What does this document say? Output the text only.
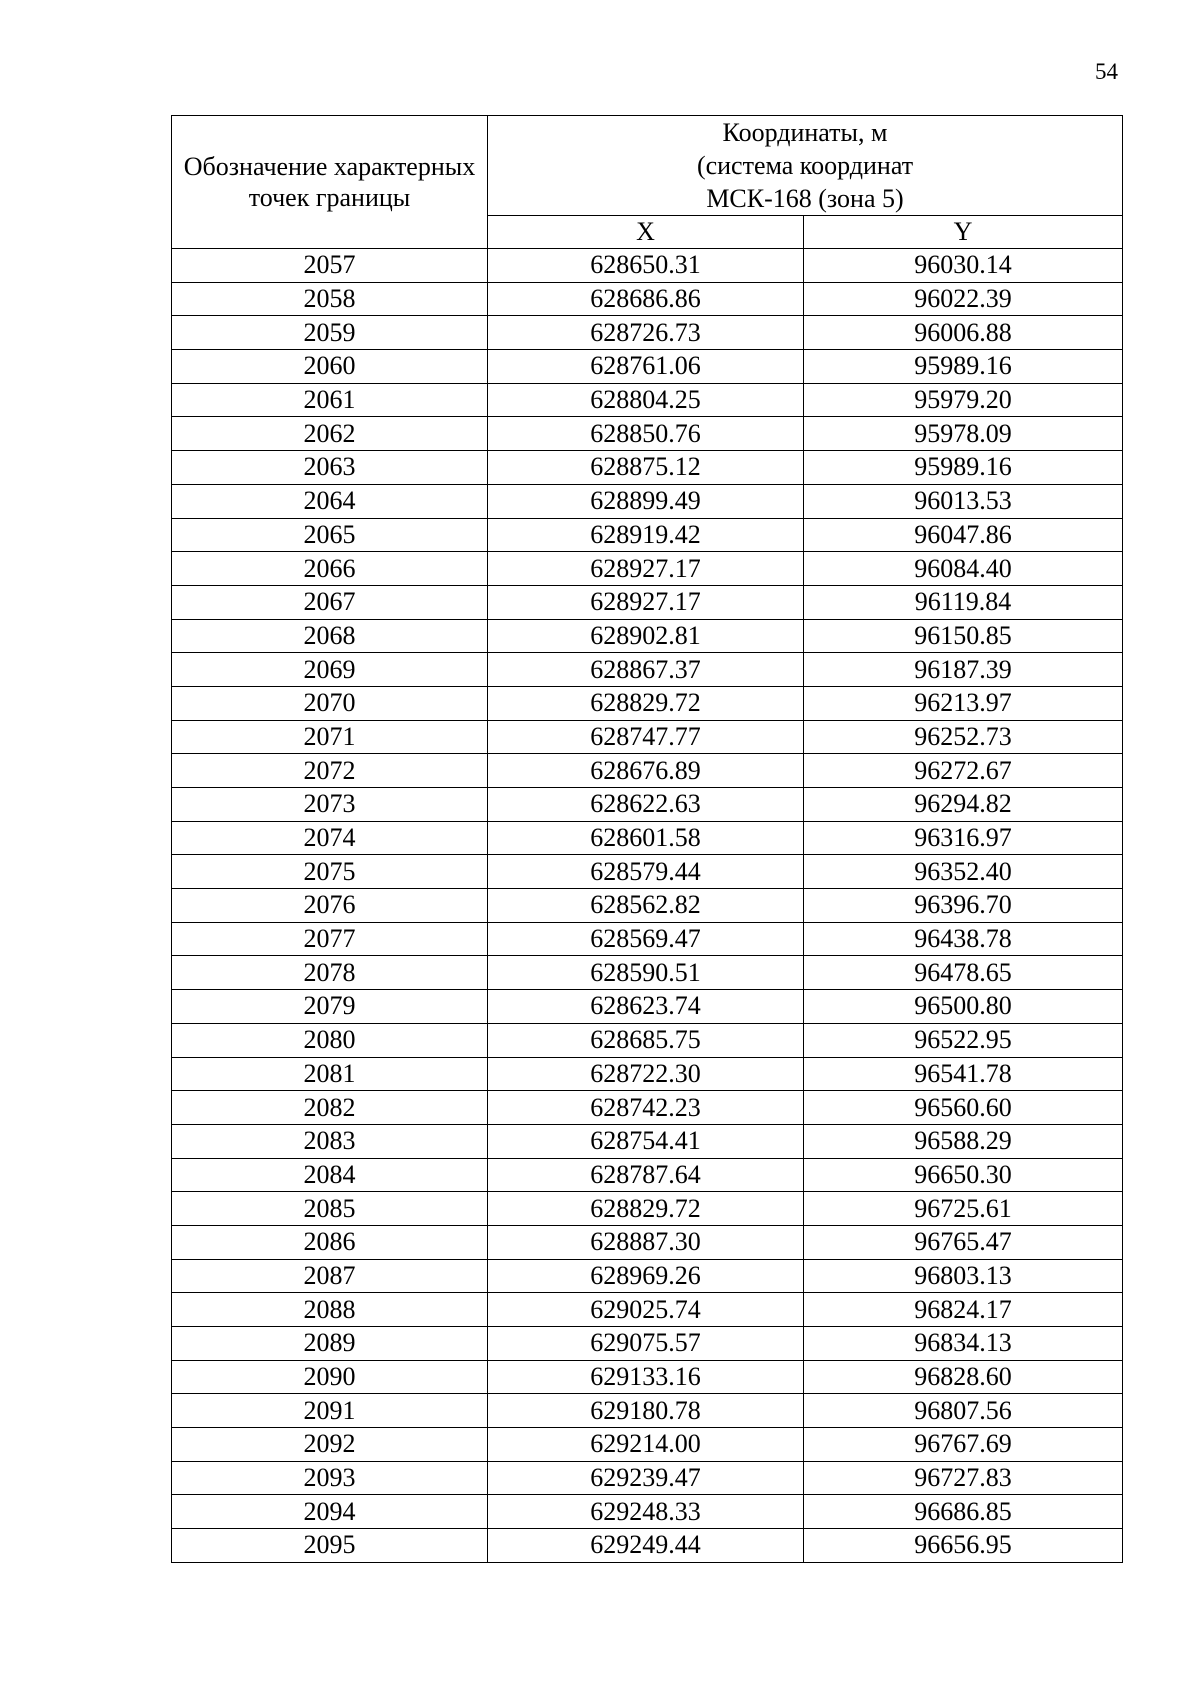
54
Обозначение характерных точек границы	Координаты, м
(система координат
МСК-168 (зона 5)	

	X	Y
2057	628650.31	96030.14
2058	628686.86	96022.39
2059	628726.73	96006.88
2060	628761.06	95989.16
2061	628804.25	95979.20
2062	628850.76	95978.09
2063	628875.12	95989.16
2064	628899.49	96013.53
2065	628919.42	96047.86
2066	628927.17	96084.40
2067	628927.17	96119.84
2068	628902.81	96150.85
2069	628867.37	96187.39
2070	628829.72	96213.97
2071	628747.77	96252.73
2072	628676.89	96272.67
2073	628622.63	96294.82
2074	628601.58	96316.97
2075	628579.44	96352.40
2076	628562.82	96396.70
2077	628569.47	96438.78
2078	628590.51	96478.65
2079	628623.74	96500.80
2080	628685.75	96522.95
2081	628722.30	96541.78
2082	628742.23	96560.60
2083	628754.41	96588.29
2084	628787.64	96650.30
2085	628829.72	96725.61
2086	628887.30	96765.47
2087	628969.26	96803.13
2088	629025.74	96824.17
2089	629075.57	96834.13
2090	629133.16	96828.60
2091	629180.78	96807.56
2092	629214.00	96767.69
2093	629239.47	96727.83
2094	629248.33	96686.85
2095	629249.44	96656.95
